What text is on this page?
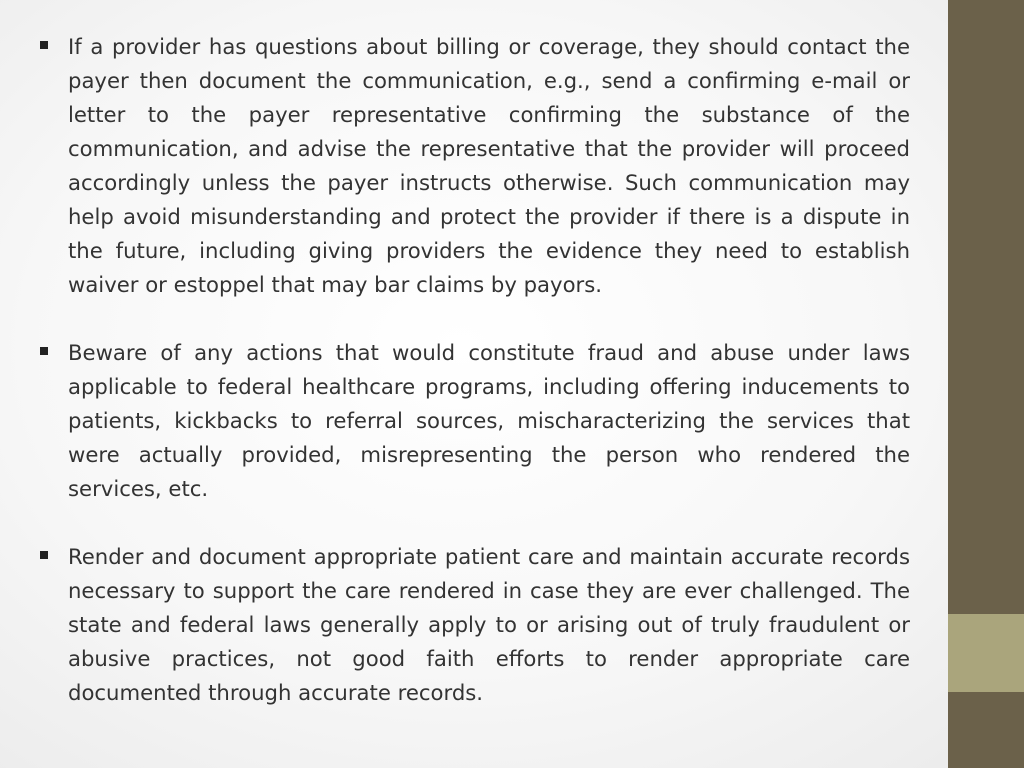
If a provider has questions about billing or coverage, they should contact the payer then document the communication, e.g., send a confirming e-mail or letter to the payer representative confirming the substance of the communication, and advise the representative that the provider will proceed accordingly unless the payer instructs otherwise. Such communication may help avoid misunderstanding and protect the provider if there is a dispute in the future, including giving providers the evidence they need to establish waiver or estoppel that may bar claims by payors.
Beware of any actions that would constitute fraud and abuse under laws applicable to federal healthcare programs, including offering inducements to patients, kickbacks to referral sources, mischaracterizing the services that were actually provided, misrepresenting the person who rendered the services, etc.
Render and document appropriate patient care and maintain accurate records necessary to support the care rendered in case they are ever challenged. The state and federal laws generally apply to or arising out of truly fraudulent or abusive practices, not good faith efforts to render appropriate care documented through accurate records.
